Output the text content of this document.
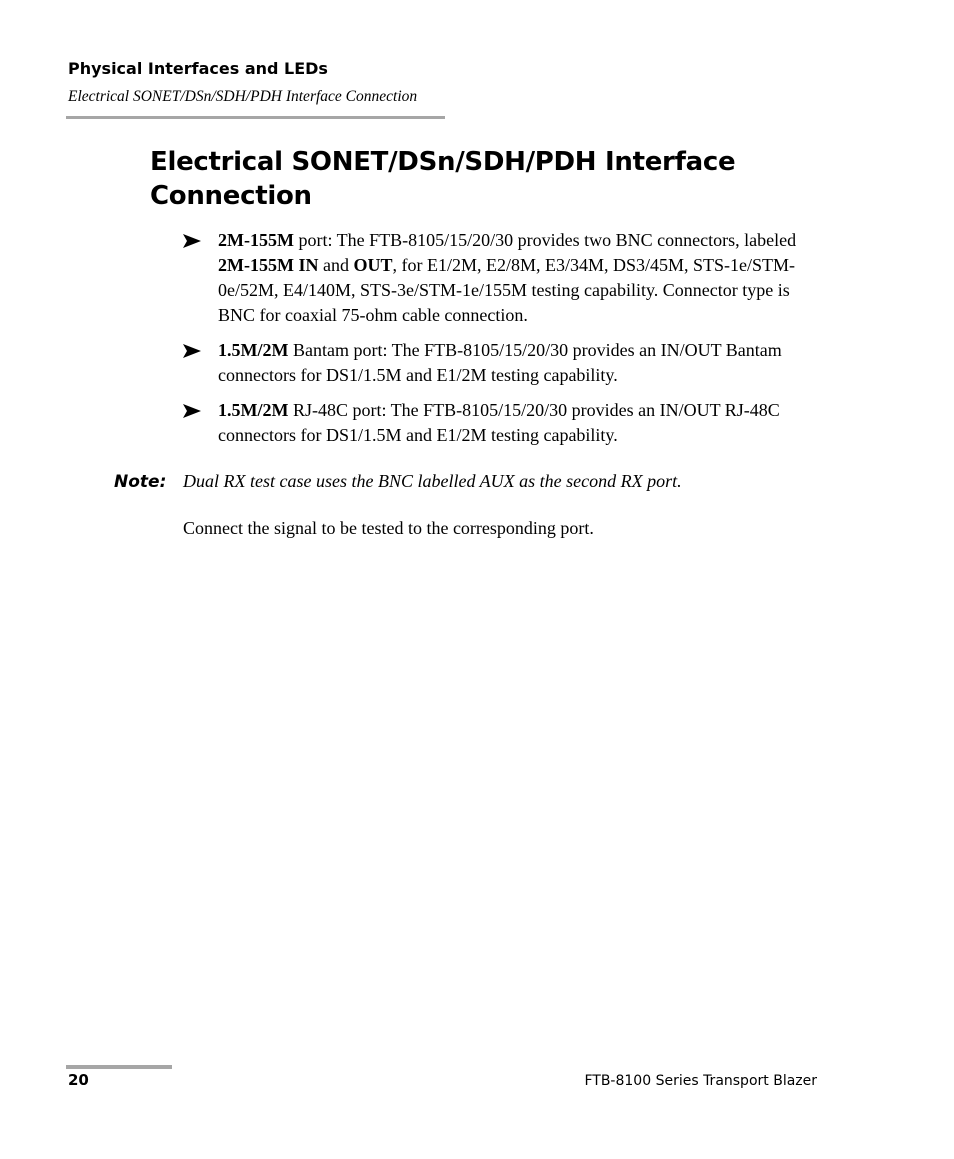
Physical Interfaces and LEDs
Electrical SONET/DSn/SDH/PDH Interface Connection
Electrical SONET/DSn/SDH/PDH Interface
Connection
2M-155M port: The FTB-8105/15/20/30 provides two BNC connectors, labeled 2M-155M IN and OUT, for E1/2M, E2/8M, E3/34M, DS3/45M, STS-1e/STM-0e/52M, E4/140M, STS-3e/STM-1e/155M testing capability. Connector type is BNC for coaxial 75-ohm cable connection.
1.5M/2M Bantam port: The FTB-8105/15/20/30 provides an IN/OUT Bantam connectors for DS1/1.5M and E1/2M testing capability.
1.5M/2M RJ-48C port: The FTB-8105/15/20/30 provides an IN/OUT RJ-48C connectors for DS1/1.5M and E1/2M testing capability.
Note: Dual RX test case uses the BNC labelled AUX as the second RX port.

Connect the signal to be tested to the corresponding port.

20	FTB-8100 Series Transport Blazer
